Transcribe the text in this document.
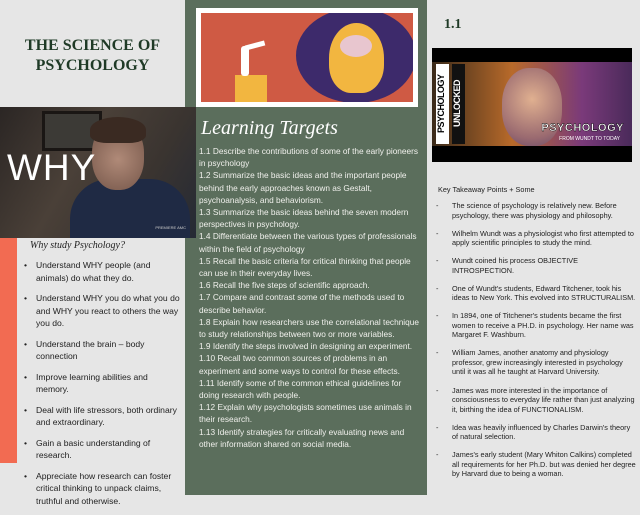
THE SCIENCE OF
PSYCHOLOGY
WHY
PREMIERE AMC
Why study Psychology?
• Understand WHY people (and animals) do what they do.
• Understand WHY you do what you do and WHY you react to others the way you do.
• Understand the brain – body connection
• Improve learning abilities and memory.
• Deal with life stressors, both ordinary and extraordinary.
• Gain a basic understanding of research.
• Appreciate how research can foster critical thinking to unpack claims, truthful and otherwise.
Learning Targets
1.1 Describe the contributions of some of the early pioneers in psychology
1.2 Summarize the basic ideas and the important people behind the early approaches known as Gestalt, psychoanalysis, and behaviorism.
1.3 Summarize the basic ideas behind the seven modern perspectives in psychology.
1.4 Differentiate between the various types of professionals within the field of psychology
1.5 Recall the basic criteria for critical thinking that people can use in their everyday lives.
1.6 Recall the five steps of scientific approach.
1.7 Compare and contrast some of the methods used to describe behavior.
1.8 Explain how researchers use the correlational technique to study relationships between two or more variables.
1.9 Identify the steps involved in designing an experiment.
1.10 Recall two common sources of problems in an experiment and some ways to control for these effects.
1.11 Identify some of the common ethical guidelines for doing research with people.
1.12 Explain why psychologists sometimes use animals in their research.
1.13 Identify strategies for critically evaluating news and other information shared on social media.
1.1
PSYCHOLOGY UNLOCKED
PSYCHOLOGY
FROM WUNDT TO TODAY
Key Takeaway Points + Some
- The science of psychology is relatively new. Before psychology, there was physiology and philosophy.
- Wilhelm Wundt was a physiologist who first attempted to apply scientific principles to study the mind.
- Wundt coined his process OBJECTIVE INTROSPECTION.
- One of Wundt's students, Edward Titchener, took his ideas to New York. This evolved into STRUCTURALISM.
- In 1894, one of Titchener's students became the first women to receive a PH.D. in psychology. Her name was Margaret F. Washburn.
- William James, another anatomy and physiology professor, grew increasingly interested in psychology until it was all he taught at Harvard University.
- James was more interested in the importance of consciousness to everyday life rather than just analyzing it, birthing the idea of FUNCTIONALISM.
- Idea was heavily influenced by Charles Darwin's theory of natural selection.
- James's early student (Mary Whiton Calkins) completed all requirements for her Ph.D. but was denied her degree by Harvard due to being a woman.
